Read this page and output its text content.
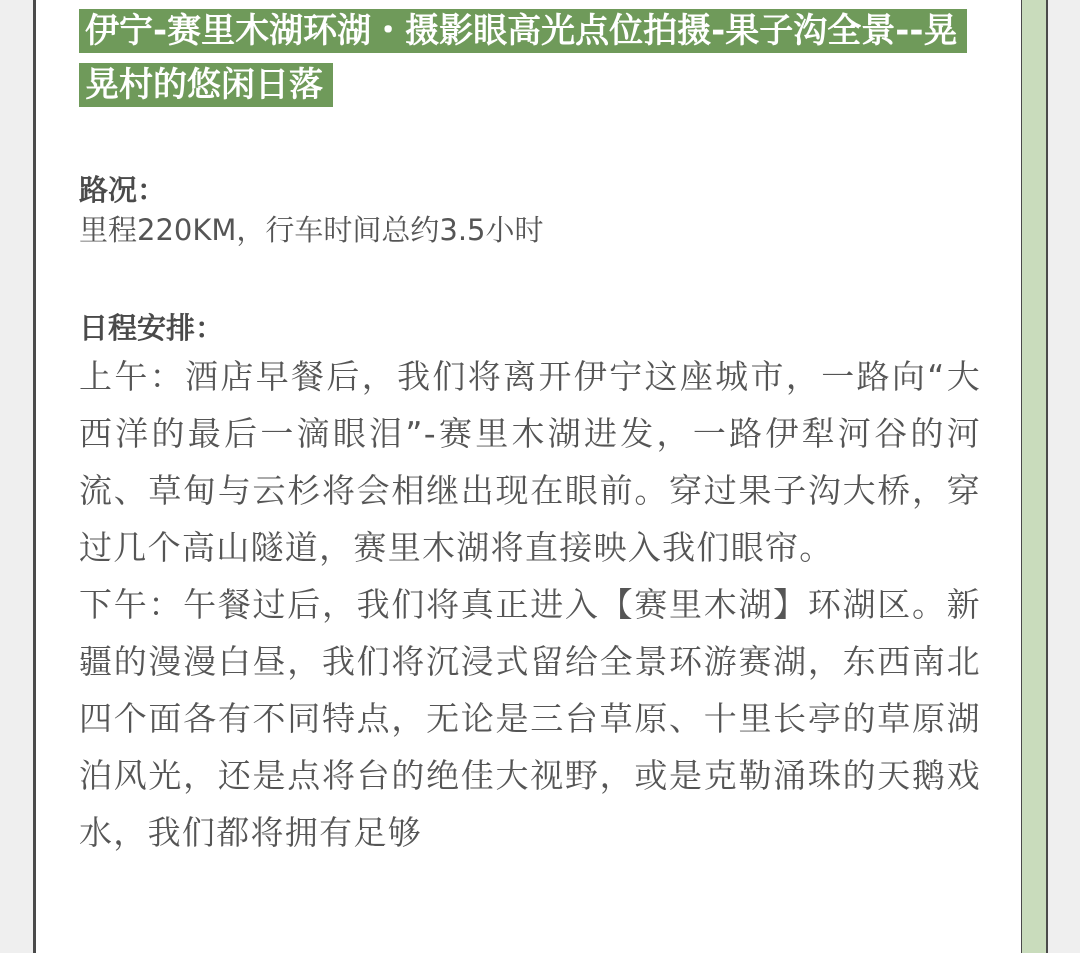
伊宁-赛里木湖环湖・摄影眼高光点位拍摄-果子沟全景--晃晃村的悠闲日落
路况：
里程220KM，行车时间总约3.5小时
日程安排：
上午：酒店早餐后，我们将离开伊宁这座城市，一路向“大西洋的最后一滴眼泪”-赛里木湖进发，一路伊犁河谷的河流、草甸与云杉将会相继出现在眼前。穿过果子沟大桥，穿过几个高山隧道，赛里木湖将直接映入我们眼帘。
下午：午餐过后，我们将真正进入【赛里木湖】环湖区。新疆的漫漫白昼，我们将沉浸式留给全景环游赛湖，东西南北四个面各有不同特点，无论是三台草原、十里长亭的草原湖泊风光，还是点将台的绝佳大视野，或是克勒涌珠的天鹅戏水，我们都将拥有足够
